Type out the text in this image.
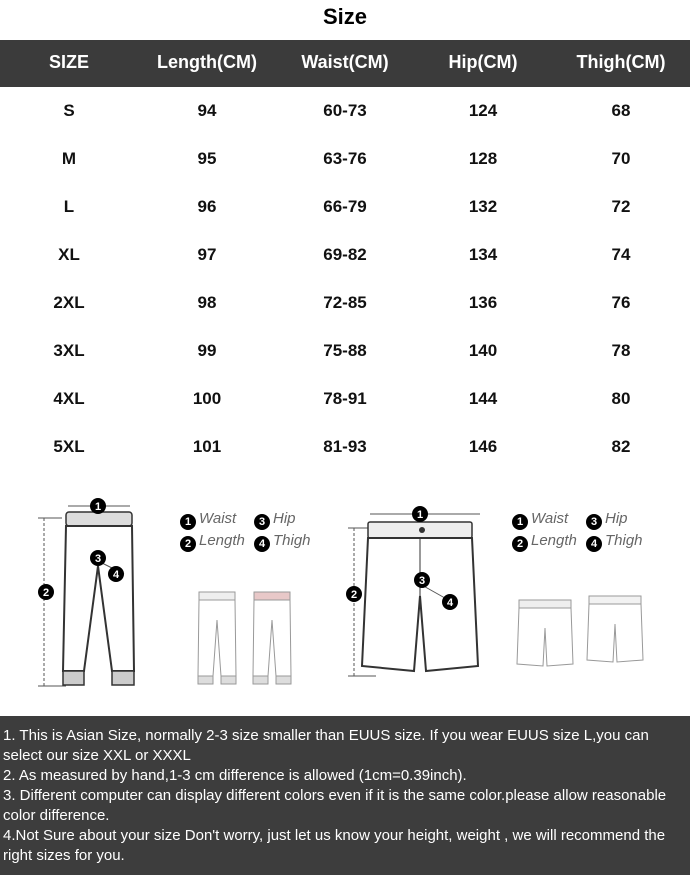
Size
SIZE	Length(CM)	Waist(CM)	Hip(CM)	Thigh(CM)
S	94	60-73	124	68
M	95	63-76	128	70
L	96	66-79	132	72
XL	97	69-82	134	74
2XL	98	72-85	136	76
3XL	99	75-88	140	78
4XL	100	78-91	144	80
5XL	101	81-93	146	82
1
2
3
4
1 Waist	3 Hip
2 Length	4 Thigh
1
2
3
4
1 Waist	3 Hip
2 Length	4 Thigh

1. This is Asian Size, normally 2-3 size smaller than EUUS size. If you wear EUUS size L,you can select our size XXL or XXXL

2. As measured by hand,1-3 cm difference is allowed (1cm=0.39inch).

3. Different computer can display different colors even if it is the same color.please allow reasonable color difference.

4.Not Sure about your size Don't worry, just let us know your height, weight , we will recommend the right sizes for you.
